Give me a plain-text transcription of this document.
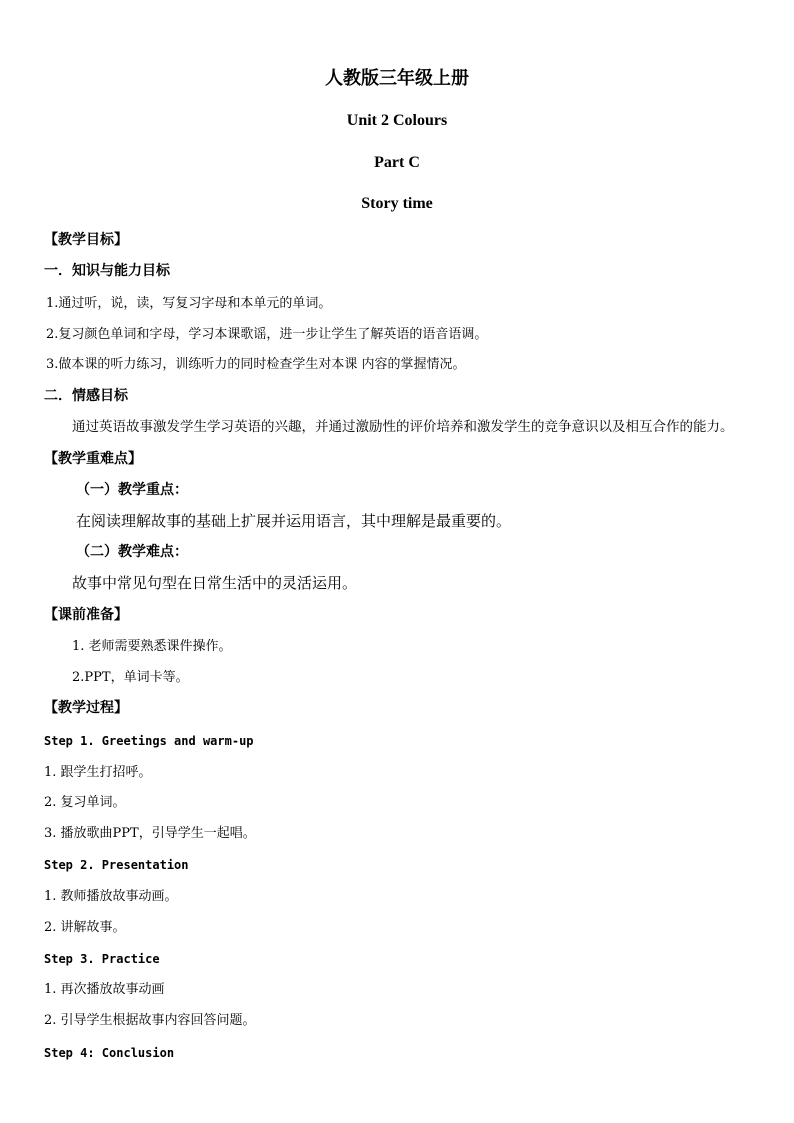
人教版三年级上册
Unit 2 Colours
Part C
Story time
【教学目标】
一．知识与能力目标
1.通过听，说，读，写复习字母和本单元的单词。
2.复习颜色单词和字母，学习本课歌谣，进一步让学生了解英语的语音语调。
3.做本课的听力练习，训练听力的同时检查学生对本课 内容的掌握情况。
二．情感目标
通过英语故事激发学生学习英语的兴趣，并通过激励性的评价培养和激发学生的竞争意识以及相互合作的能力。
【教学重难点】
（一）教学重点：
在阅读理解故事的基础上扩展并运用语言，其中理解是最重要的。
（二）教学难点：
故事中常见句型在日常生活中的灵活运用。
【课前准备】
1. 老师需要熟悉课件操作。
2.PPT，单词卡等。
【教学过程】
Step 1. Greetings and warm-up
1. 跟学生打招呼。
2. 复习单词。
3. 播放歌曲PPT，引导学生一起唱。
Step 2. Presentation
1. 教师播放故事动画。
2. 讲解故事。
Step 3. Practice
1. 再次播放故事动画
2. 引导学生根据故事内容回答问题。
Step 4: Conclusion
